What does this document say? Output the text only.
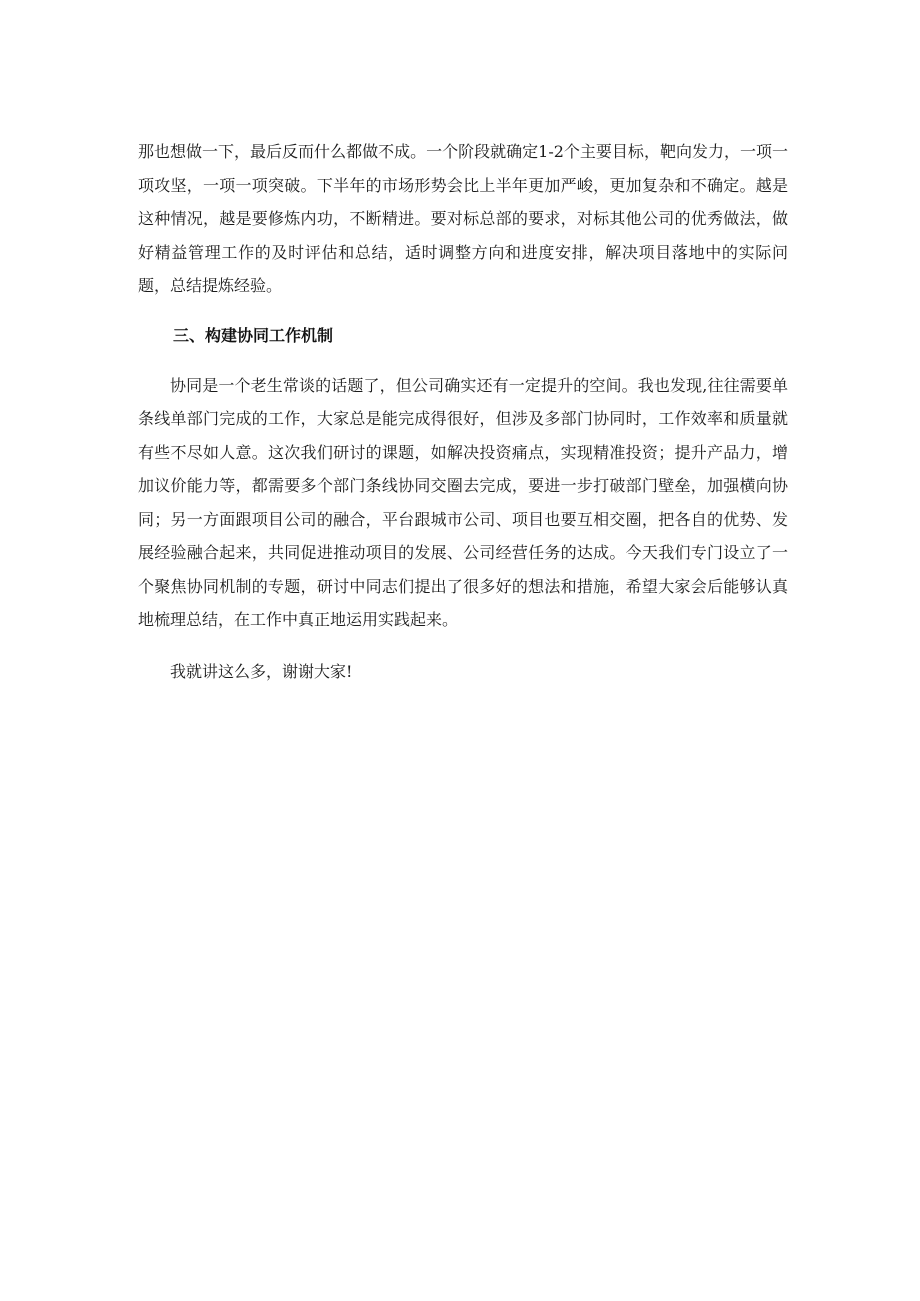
那也想做一下，最后反而什么都做不成。一个阶段就确定1-2个主要目标，靶向发力，一项一项攻坚，一项一项突破。下半年的市场形势会比上半年更加严峻，更加复杂和不确定。越是这种情况，越是要修炼内功，不断精进。要对标总部的要求，对标其他公司的优秀做法，做好精益管理工作的及时评估和总结，适时调整方向和进度安排，解决项目落地中的实际问题，总结提炼经验。

三、构建协同工作机制

协同是一个老生常谈的话题了，但公司确实还有一定提升的空间。我也发现,往往需要单条线单部门完成的工作，大家总是能完成得很好，但涉及多部门协同时，工作效率和质量就有些不尽如人意。这次我们研讨的课题，如解决投资痛点，实现精准投资；提升产品力，增加议价能力等，都需要多个部门条线协同交圈去完成，要进一步打破部门壁垒，加强横向协同；另一方面跟项目公司的融合，平台跟城市公司、项目也要互相交圈，把各自的优势、发展经验融合起来，共同促进推动项目的发展、公司经营任务的达成。今天我们专门设立了一个聚焦协同机制的专题，研讨中同志们提出了很多好的想法和措施，希望大家会后能够认真地梳理总结，在工作中真正地运用实践起来。

我就讲这么多，谢谢大家!
